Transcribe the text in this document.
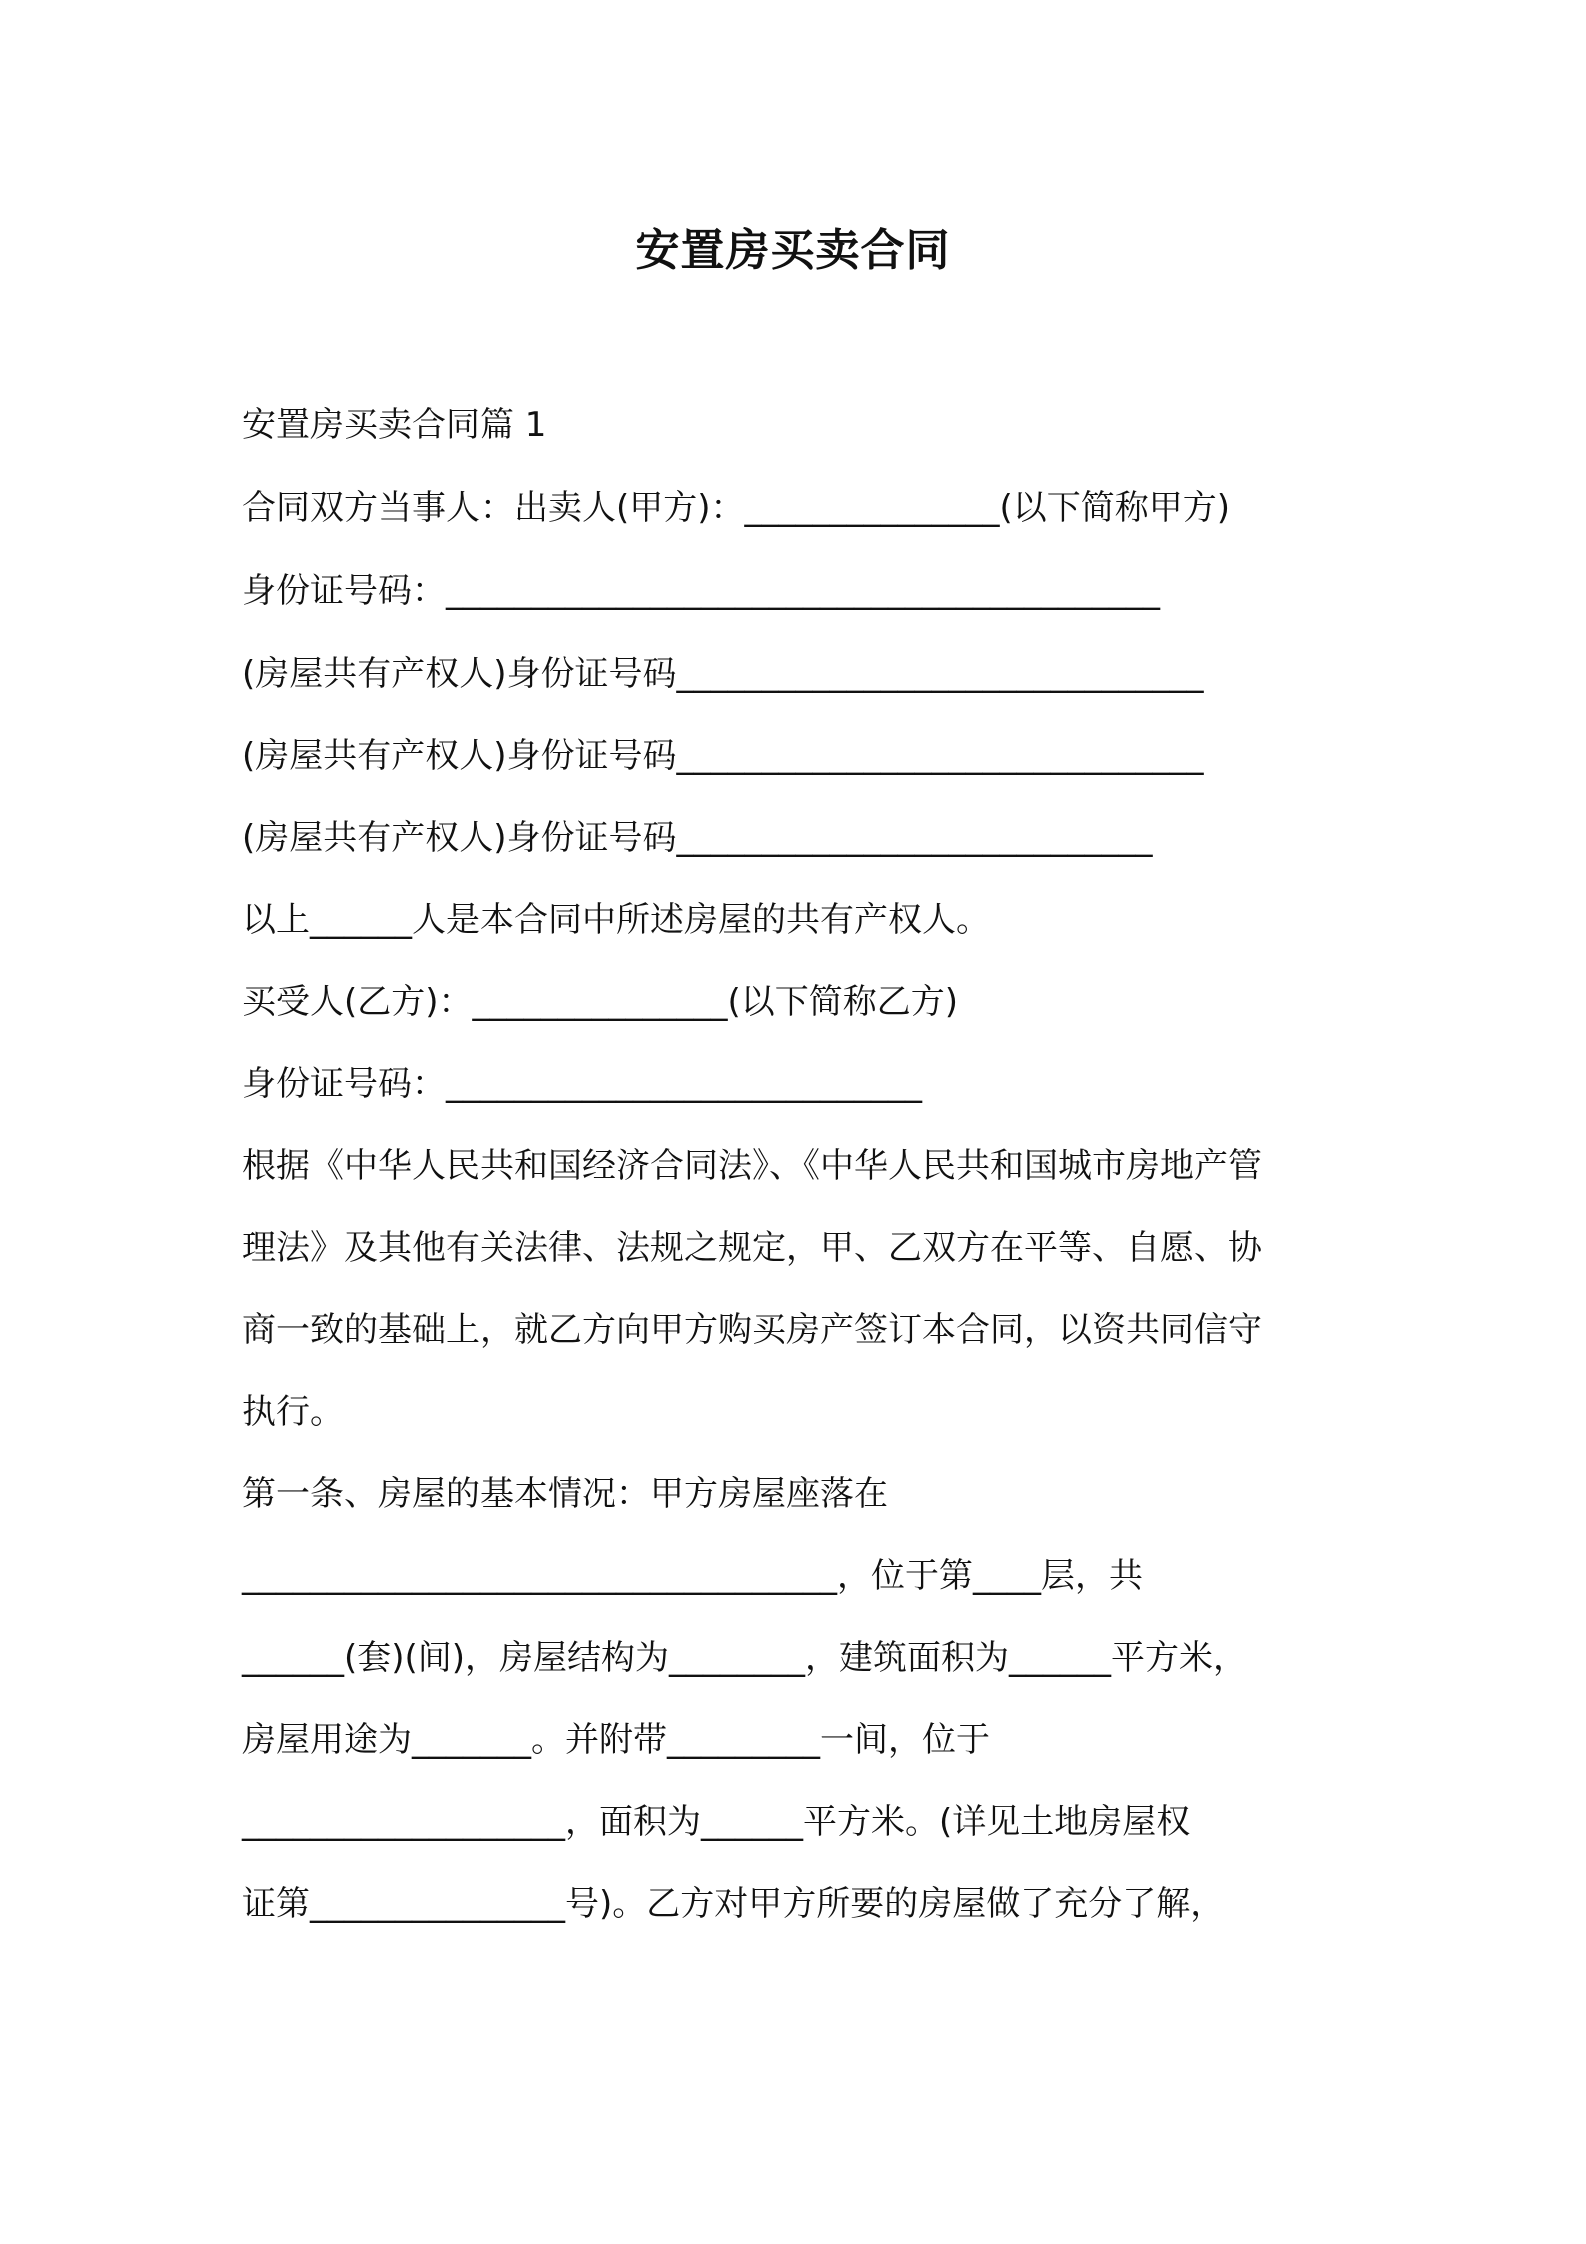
安置房买卖合同

安置房买卖合同篇 1

合同双方当事人：出卖人(甲方)：_______________(以下简称甲方)

身份证号码：__________________________________________

(房屋共有产权人)身份证号码_______________________________

(房屋共有产权人)身份证号码_______________________________

(房屋共有产权人)身份证号码____________________________

以上______人是本合同中所述房屋的共有产权人。

买受人(乙方)：_______________(以下简称乙方)

身份证号码：____________________________

根据《中华人民共和国经济合同法》、《中华人民共和国城市房地产管
理法》及其他有关法律、法规之规定，甲、乙双方在平等、自愿、协
商一致的基础上，就乙方向甲方购买房产签订本合同，以资共同信守
执行。

第一条、房屋的基本情况：甲方房屋座落在

___________________________________，位于第____层，共
______(套)(间)，房屋结构为________，建筑面积为______平方米，
房屋用途为_______。并附带_________一间，位于
___________________，面积为______平方米。(详见土地房屋权
证第_______________号)。乙方对甲方所要的房屋做了充分了解，
